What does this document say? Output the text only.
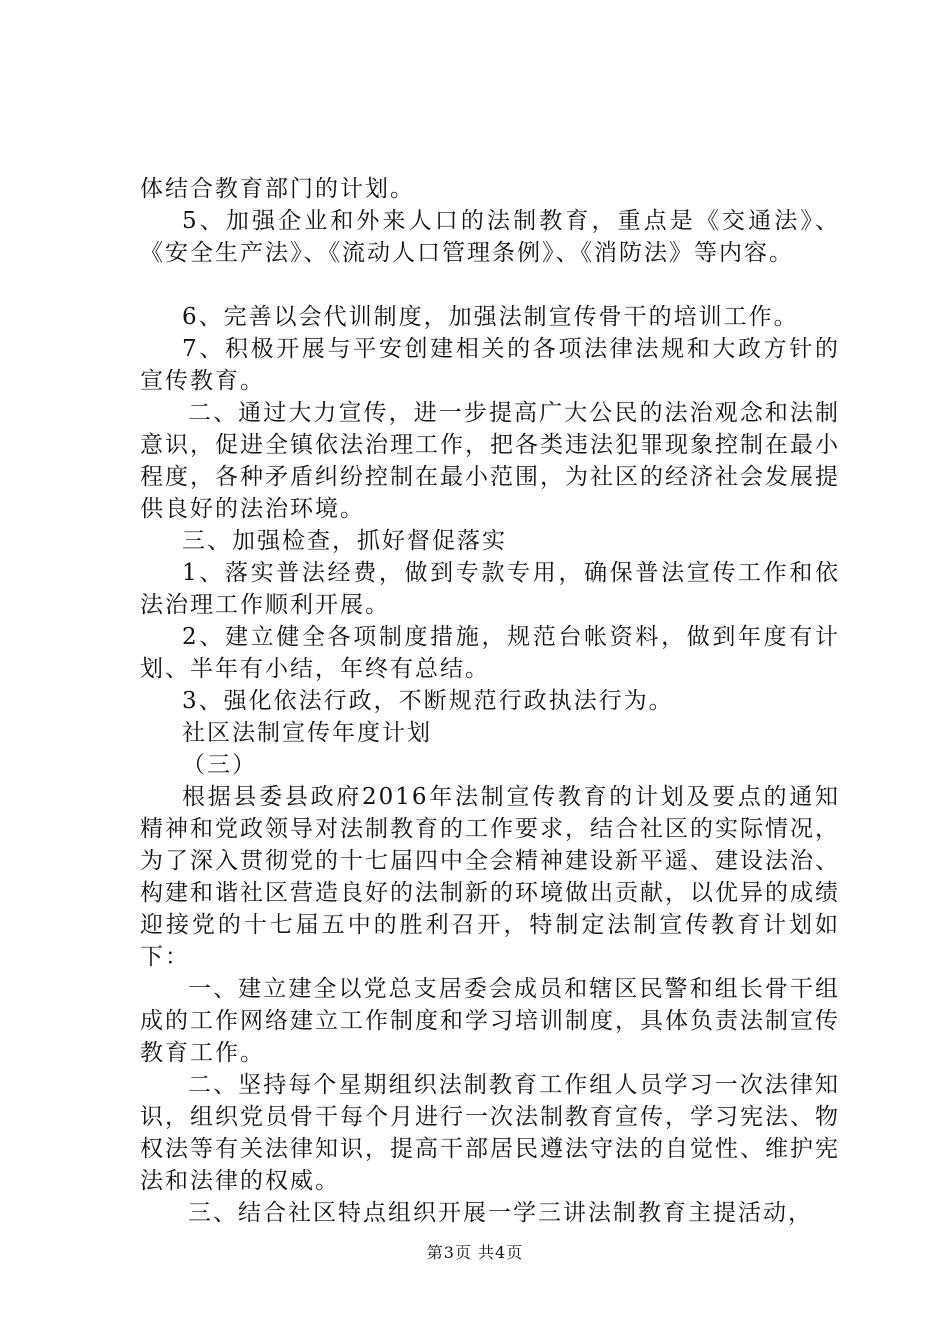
体结合教育部门的计划。

5、加强企业和外来人口的法制教育，重点是《交通法》、《安全生产法》、《流动人口管理条例》、《消防法》等内容。

6、完善以会代训制度，加强法制宣传骨干的培训工作。

7、积极开展与平安创建相关的各项法律法规和大政方针的宣传教育。

二、通过大力宣传，进一步提高广大公民的法治观念和法制意识，促进全镇依法治理工作，把各类违法犯罪现象控制在最小程度，各种矛盾纠纷控制在最小范围，为社区的经济社会发展提供良好的法治环境。

三、加强检查，抓好督促落实

1、落实普法经费，做到专款专用，确保普法宣传工作和依法治理工作顺利开展。

2、建立健全各项制度措施，规范台帐资料，做到年度有计划、半年有小结，年终有总结。

3、强化依法行政，不断规范行政执法行为。

社区法制宣传年度计划

（三）

根据县委县政府2016年法制宣传教育的计划及要点的通知精神和党政领导对法制教育的工作要求，结合社区的实际情况，为了深入贯彻党的十七届四中全会精神建设新平遥、建设法治、构建和谐社区营造良好的法制新的环境做出贡献，以优异的成绩迎接党的十七届五中的胜利召开，特制定法制宣传教育计划如下：

一、建立建全以党总支居委会成员和辖区民警和组长骨干组成的工作网络建立工作制度和学习培训制度，具体负责法制宣传教育工作。

二、坚持每个星期组织法制教育工作组人员学习一次法律知识，组织党员骨干每个月进行一次法制教育宣传，学习宪法、物权法等有关法律知识，提高干部居民遵法守法的自觉性、维护宪法和法律的权威。

三、结合社区特点组织开展一学三讲法制教育主提活动，

第3页 共4页
